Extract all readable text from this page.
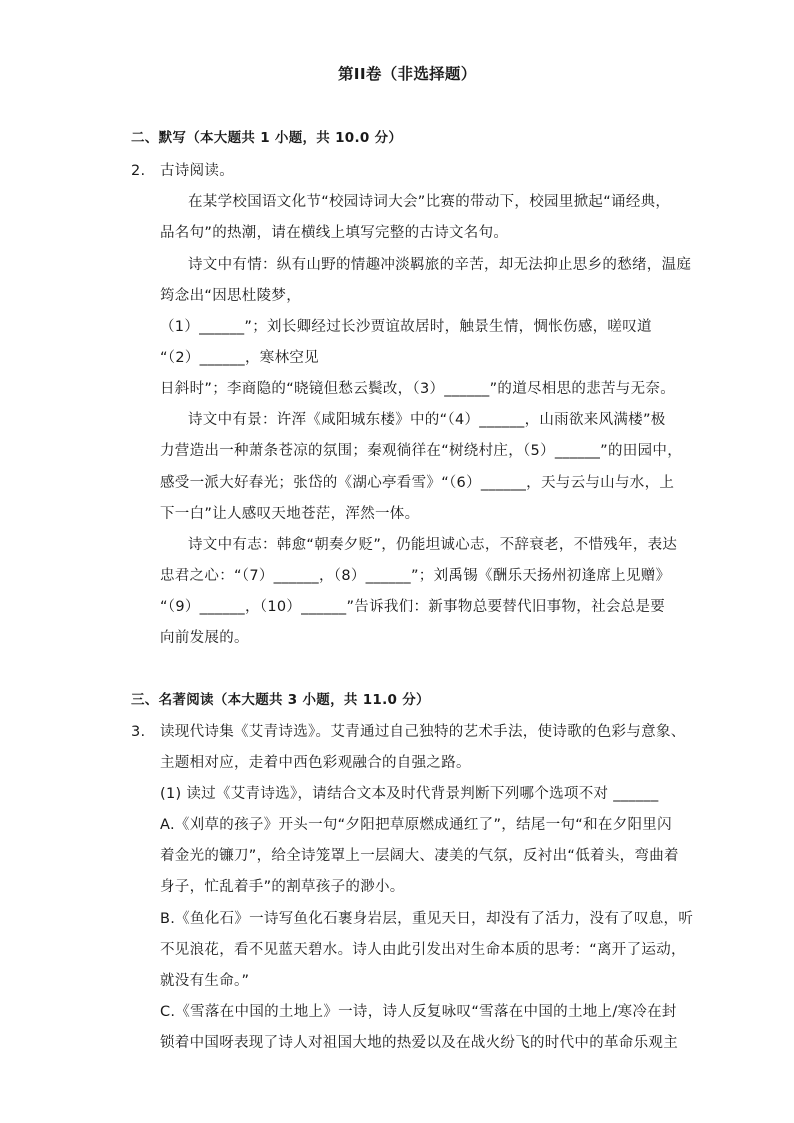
第II卷（非选择题）
二、默写（本大题共 1 小题，共 10.0 分）
2. 古诗阅读。
在某学校国语文化节“校园诗词大会”比赛的带动下，校园里掀起“诵经典，
品名句”的热潮，请在横线上填写完整的古诗文名句。
诗文中有情：纵有山野的情趣冲淡羁旅的辛苦，却无法抑止思乡的愁绪，温庭
筠念出“因思杜陵梦，
（1）______”；刘长卿经过长沙贾谊故居时，触景生情，惆怅伤感，嗟叹道
“（2）______，寒林空见
日斜时”；李商隐的“晓镜但愁云鬓改，（3）______”的道尽相思的悲苦与无奈。
诗文中有景：许浑《咸阳城东楼》中的“（4）______，山雨欲来风满楼”极
力营造出一种萧条苍凉的氛围；秦观徜徉在“树绕村庄，（5）______”的田园中，
感受一派大好春光；张岱的《湖心亭看雪》“（6）______，天与云与山与水，上
下一白”让人感叹天地苍茫，浑然一体。
诗文中有志：韩愈“朝奏夕贬”，仍能坦诚心志，不辞衰老，不惜残年，表达
忠君之心：“（7）______，（8）______”；刘禹锡《酬乐天扬州初逢席上见赠》
“（9）______，（10）______”告诉我们：新事物总要替代旧事物，社会总是要
向前发展的。
三、名著阅读（本大题共 3 小题，共 11.0 分）
3. 读现代诗集《艾青诗选》。艾青通过自己独特的艺术手法，使诗歌的色彩与意象、
主题相对应，走着中西色彩观融合的自强之路。
(1) 读过《艾青诗选》，请结合文本及时代背景判断下列哪个选项不对 ______
A.《刈草的孩子》开头一句“夕阳把草原燃成通红了”，结尾一句“和在夕阳里闪
着金光的镰刀”，给全诗笼罩上一层阔大、凄美的气氛，反衬出“低着头，弯曲着
身子，忙乱着手”的割草孩子的渺小。
B.《鱼化石》一诗写鱼化石裹身岩层，重见天日，却没有了活力，没有了叹息，听
不见浪花，看不见蓝天碧水。诗人由此引发出对生命本质的思考：“离开了运动，
就没有生命。”
C.《雪落在中国的土地上》一诗，诗人反复咏叹“雪落在中国的土地上/寒冷在封
锁着中国呀表现了诗人对祖国大地的热爱以及在战火纷飞的时代中的革命乐观主
